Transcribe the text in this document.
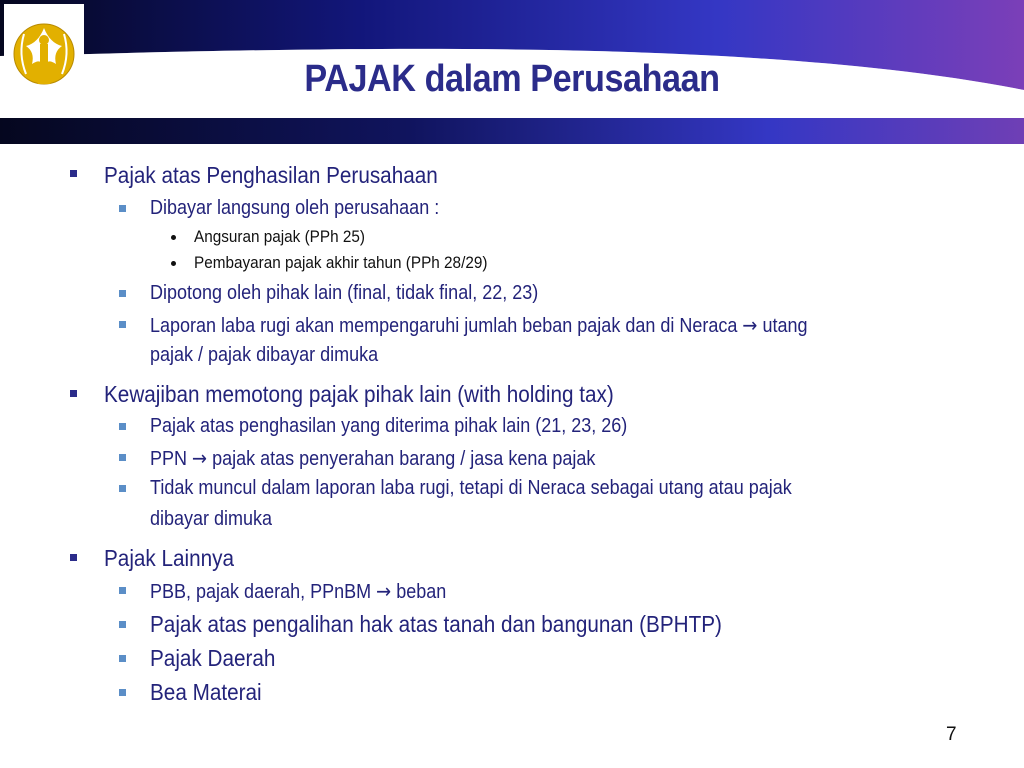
PAJAK dalam Perusahaan
Pajak atas Penghasilan Perusahaan
Dibayar langsung oleh perusahaan :
Angsuran pajak (PPh 25)
Pembayaran pajak akhir tahun (PPh 28/29)
Dipotong oleh pihak lain (final, tidak final, 22, 23)
Laporan laba rugi akan mempengaruhi jumlah beban pajak dan di Neraca → utang
pajak / pajak dibayar dimuka
Kewajiban memotong pajak pihak lain (with holding tax)
Pajak atas penghasilan yang diterima pihak lain (21, 23, 26)
PPN → pajak atas penyerahan barang / jasa kena pajak
Tidak muncul dalam laporan laba rugi, tetapi di Neraca sebagai utang atau pajak
dibayar dimuka
Pajak Lainnya
PBB, pajak daerah, PPnBM → beban
Pajak atas pengalihan hak atas tanah dan bangunan (BPHTP)
Pajak Daerah
Bea Materai
7
